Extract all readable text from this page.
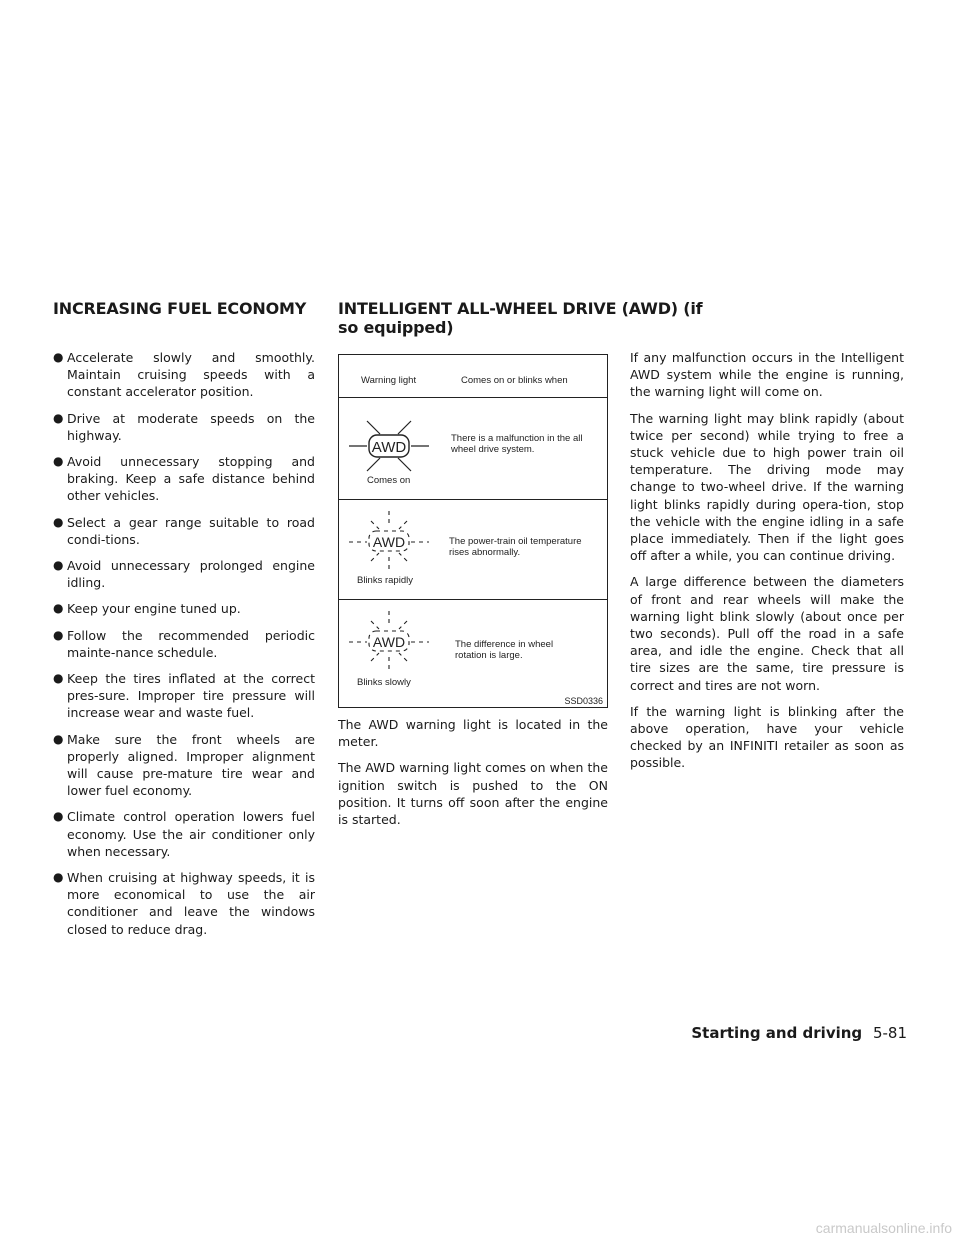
INCREASING FUEL ECONOMY INTELLIGENT ALL-WHEEL DRIVE (AWD) (if
so equipped)
● Accelerate slowly and smoothly. Maintain cruising speeds with a constant accelerator position.
● Drive at moderate speeds on the highway.
● Avoid unnecessary stopping and braking. Keep a safe distance behind other vehicles.
● Select a gear range suitable to road condi-tions.
● Avoid unnecessary prolonged engine idling.
● Keep your engine tuned up.
● Follow the recommended periodic mainte-nance schedule.
● Keep the tires inflated at the correct pres-sure. Improper tire pressure will increase wear and waste fuel.
● Make sure the front wheels are properly aligned. Improper alignment will cause pre-mature tire wear and lower fuel economy.
● Climate control operation lowers fuel economy. Use the air conditioner only when necessary.
● When cruising at highway speeds, it is more economical to use the air conditioner and leave the windows closed to reduce drag.
Warning light	Comes on or blinks when
AWD
Comes on
There is a malfunction in the all wheel drive system.
AWD
Blinks rapidly
The power-train oil temperature rises abnormally.
AWD
Blinks slowly
The difference in wheel rotation is large.
SSD0336

The AWD warning light is located in the meter.

The AWD warning light comes on when the ignition switch is pushed to the ON position. It turns off soon after the engine is started.

If any malfunction occurs in the Intelligent AWD system while the engine is running, the warning light will come on.

The warning light may blink rapidly (about twice per second) while trying to free a stuck vehicle due to high power train oil temperature. The driving mode may change to two-wheel drive. If the warning light blinks rapidly during opera-tion, stop the vehicle with the engine idling in a safe place immediately. Then if the light goes off after a while, you can continue driving.

A large difference between the diameters of front and rear wheels will make the warning light blink slowly (about once per two seconds). Pull off the road in a safe area, and idle the engine. Check that all tire sizes are the same, tire pressure is correct and tires are not worn.

If the warning light is blinking after the above operation, have your vehicle checked by an INFINITI retailer as soon as possible.

Starting and driving 5-81
carmanualsonline.info
